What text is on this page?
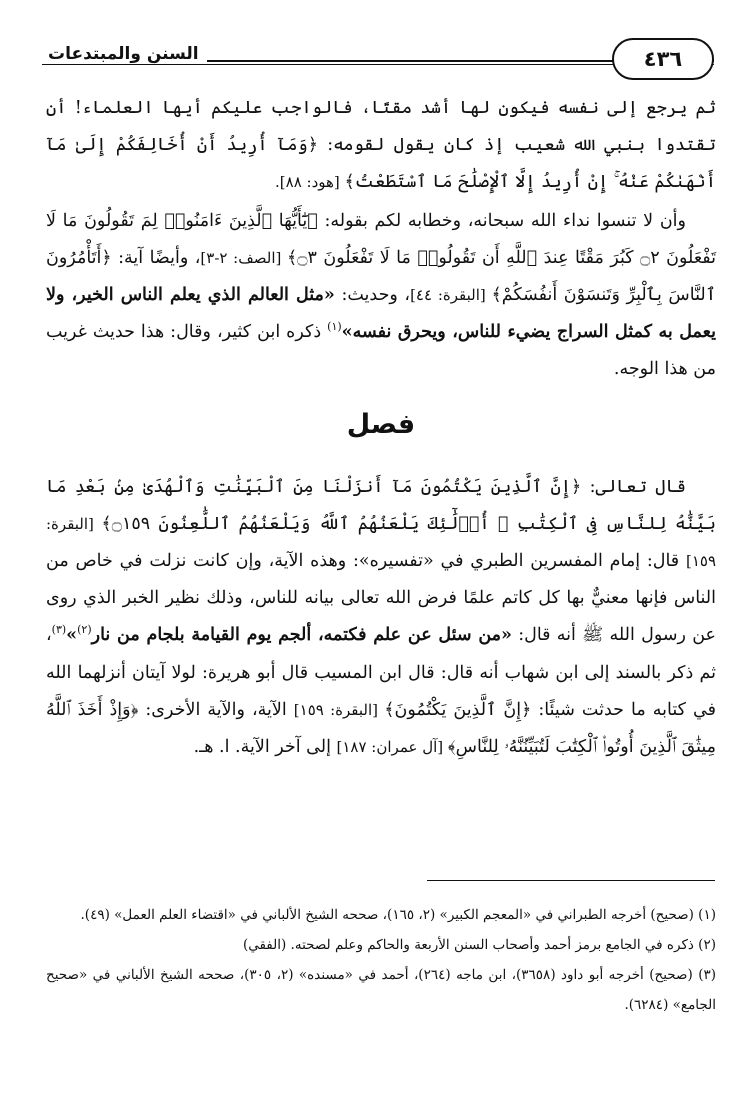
٤٣٦
السنن والمبتدعات

ثم يرجع إلى نفسه فيكون لها أشد مقتًا، فالواجب عليكم أيها العلماء! أن تقتدوا بنبي الله شعيب إذ كان يقول لقومه: ﴿وَمَآ أُرِيدُ أَنْ أُخَالِفَكُمْ إِلَىٰ مَآ أَنْهَىٰكُمْ عَنْهُ ۚ إِنْ أُرِيدُ إِلَّا ٱلْإِصْلَٰحَ مَا ٱسْتَطَعْتُ﴾ [هود: ٨٨].

وأن لا تنسوا نداء الله سبحانه، وخطابه لكم بقوله: ﴿يَٰٓأَيُّهَا ٱلَّذِينَ ءَامَنُوا۟ لِمَ تَقُولُونَ مَا لَا تَفْعَلُونَ ۝٢ كَبُرَ مَقْتًا عِندَ ٱللَّهِ أَن تَقُولُوا۟ مَا لَا تَفْعَلُونَ ۝٣﴾ [الصف: ٢-٣]، وأيضًا آية: ﴿أَتَأْمُرُونَ ٱلنَّاسَ بِٱلْبِرِّ وَتَنسَوْنَ أَنفُسَكُمْ﴾ [البقرة: ٤٤]، وحديث: «مثل العالم الذي يعلم الناس الخير، ولا يعمل به كمثل السراج يضيء للناس، ويحرق نفسه»$^{(١)}$ ذكره ابن كثير، وقال: هذا حديث غريب من هذا الوجه.

فصل

قال تعالى: ﴿إِنَّ ٱلَّذِينَ يَكْتُمُونَ مَآ أَنزَلْنَا مِنَ ٱلْبَيِّنَٰتِ وَٱلْهُدَىٰ مِنۢ بَعْدِ مَا بَيَّنَّٰهُ لِلنَّاسِ فِى ٱلْكِتَٰبِ ۙ أُو۟لَٰٓئِكَ يَلْعَنُهُمُ ٱللَّهُ وَيَلْعَنُهُمُ ٱللَّٰعِنُونَ ۝١٥٩﴾ [البقرة: ١٥٩] قال: إمام المفسرين الطبري في «تفسيره»: وهذه الآية، وإن كانت نزلت في خاص من الناس فإنها معنيٌّ بها كل كاتم علمًا فرض الله تعالى بيانه للناس، وذلك نظير الخبر الذي روى عن رسول الله ﷺ أنه قال: «من سئل عن علم فكتمه، ألجم يوم القيامة بلجام من نار$^{(٢)}$»$^{(٣)}$، ثم ذكر بالسند إلى ابن شهاب أنه قال: قال ابن المسيب قال أبو هريرة: لولا آيتان أنزلهما الله في كتابه ما حدثت شيئًا: ﴿إِنَّ ٱلَّذِينَ يَكْتُمُونَ﴾ [البقرة: ١٥٩] الآية، والآية الأخرى: ﴿وَإِذْ أَخَذَ ٱللَّهُ مِيثَٰقَ ٱلَّذِينَ أُوتُوا۟ ٱلْكِتَٰبَ لَتُبَيِّنُنَّهُۥ لِلنَّاسِ﴾ [آل عمران: ١٨٧] إلى آخر الآية. ا. هـ.

(١) (صحيح) أخرجه الطبراني في «المعجم الكبير» (٢، ١٦٥)، صححه الشيخ الألباني في «اقتضاء العلم العمل» (٤٩).

(٢) ذكره في الجامع برمز أحمد وأصحاب السنن الأربعة والحاكم وعلم لصحته. (الفقي)

(٣) (صحيح) أخرجه أبو داود (٣٦٥٨)، ابن ماجه (٢٦٤)، أحمد في «مسنده» (٢، ٣٠٥)، صححه الشيخ الألباني في «صحيح الجامع» (٦٢٨٤).
